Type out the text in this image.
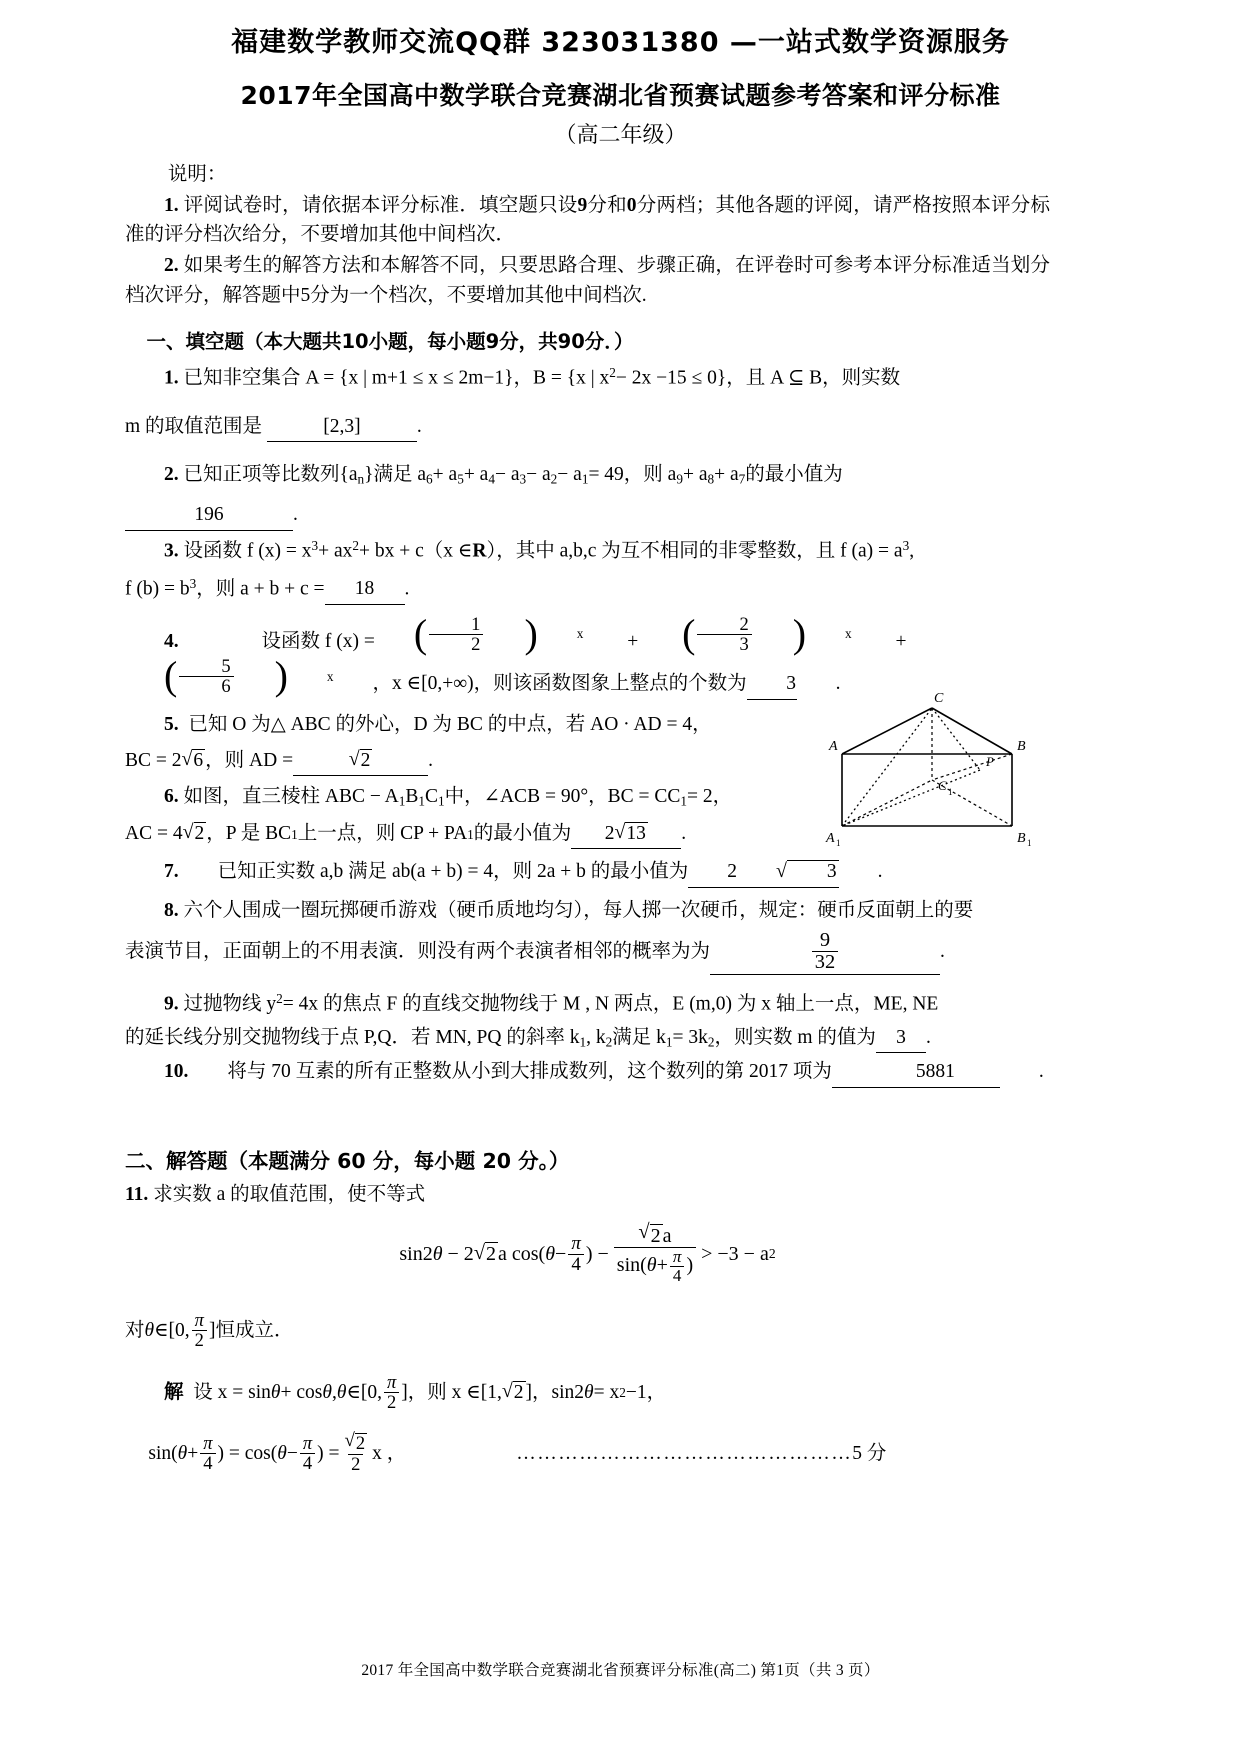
福建数学教师交流QQ群 323031380 —一站式数学资源服务
2017年全国高中数学联合竞赛湖北省预赛试题参考答案和评分标准
（高二年级）
说明：
1. 评阅试卷时，请依据本评分标准．填空题只设9分和0分两档；其他各题的评阅，请严格按照本评分标准的评分档次给分，不要增加其他中间档次．
2. 如果考生的解答方法和本解答不同，只要思路合理、步骤正确，在评卷时可参考本评分标准适当划分档次评分，解答题中5分为一个档次，不要增加其他中间档次.
一、填空题（本大题共10小题，每小题9分，共90分．）
1. 已知非空集合 A = {x | m+1 ≤ x ≤ 2m−1}，B = {x | $x^2- 2x -15 \le 0$}，且 A ⊆ B，则实数
m 的取值范围是	[2,3]	.
2. 已知正项等比数列$\{a_n\}$满足 $a_6+ a_5+ a_4- a_3- a_2- a_1= 49$，则 $a_9+ a_8+ a_7$的最小值为
196	.
3. 设函数 f $(x) = x^3+ ax^2+$ bx + c（x ∈R），其中 a,b,c 为互不相同的非零整数，且 f $(a) = a^3$,
f $(b) = b^3$，则 a + b + c = 18 .
4.
	设函数 f (x) = ( $\frac{1}{2}$	)	x	+ ( $\frac{2}{3}$	)	x	+
( $\frac{5}{6}$	)	x	，x ∈[0,+∞)，则该函数图象上整点的个数为	3	.
5. 已知 O 为△ ABC 的外心，D 为 BC 的中点，若 AO · AD = 4，
BC = 2 √ 6 ，则 AD =	√ 2	.
6. 如图，直三棱柱 ABC − $A_1B_1C_1$中，∠ACB = 90°，BC = $CC_1= 2$，
AC = 4 √ 2 ，P 是 BC 1 上一点，则 CP + PA 1 的最小值为	2 √ 13	.
7.	已知正实数 a,b 满足 ab(a + b) = 4，则 2a + b 的最小值为	2	√ 3	.
8. 六个人围成一圈玩掷硬币游戏（硬币质地均匀），每人掷一次硬币，规定：硬币反面朝上的要
表演节目，正面朝上的不用表演．则没有两个表演者相邻的概率为为	$\frac{9}{32}$	.
9. 过抛物线 $y^2= 4x$ 的焦点 F 的直线交抛物线于 M , N 两点，E (m,0) 为 x 轴上一点，ME, NE
的延长线分别交抛物线于点 P,Q．若 MN, PQ 的斜率 $k_1$, $k_2$满足 $k_1= 3k_2$，则实数 m 的值为 3 .
10.	将与 70 互素的所有正整数从小到大排成数列，这个数列的第 2017 项为	5881	.
二、解答题（本题满分 60 分，每小题 20 分。）
11. 求实数 a 的取值范围，使不等式
sin2 θ
− 2 √ 2 a cos( $\theta - \frac{\pi}{4}$ ) − √ $\frac{2 a}{\sin(\theta+ \frac{\pi}{4} )} > -3 - a$ 2
对 θ ∈[0, $\frac{\pi}{2}$ ]恒成立．
解
设 x = sin θ + cos θ , θ ∈[0, $\frac{\pi}{2}$ ]，则 x ∈[1, √ 2 ]，sin2 θ = x 2 −1，
sin( $\theta + \frac{\pi}{4}$ ) = cos( $\theta - \frac{\pi}{4}$ ) = √ $\frac{2}{2}$ x ，	………………………………………… 5 分
A	B
C
P
C 1
A 1	B 1
2017 年全国高中数学联合竞赛湖北省预赛评分标准(高二) 第1页（共 3 页）
